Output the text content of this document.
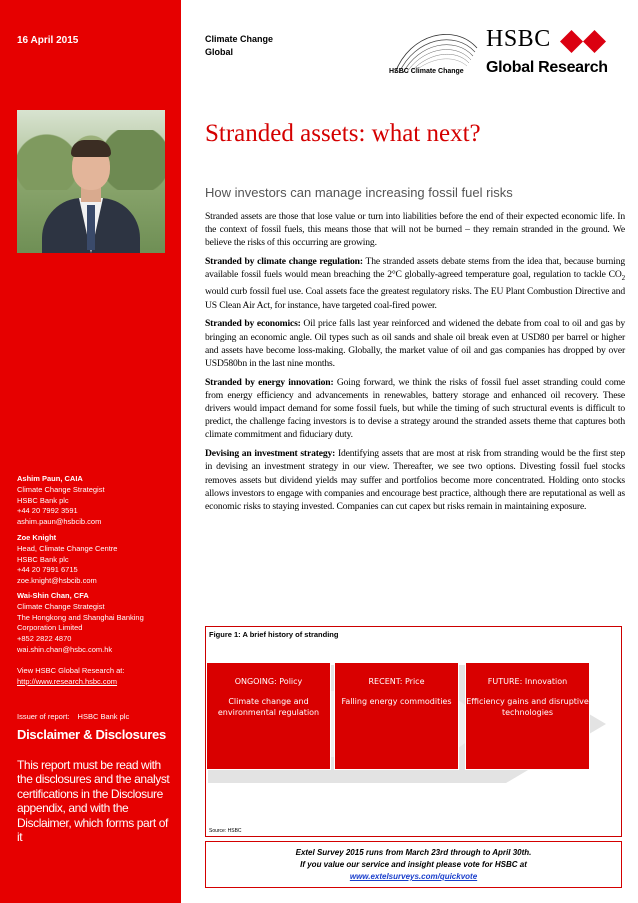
16 April 2015
Ashim Paun, CAIA
Climate Change Strategist
HSBC Bank plc
+44 20 7992 3591
ashim.paun@hsbcib.com
Zoe Knight
Head, Climate Change Centre
HSBC Bank plc
+44 20 7991 6715
zoe.knight@hsbcib.com
Wai-Shin Chan, CFA
Climate Change Strategist
The Hongkong and Shanghai Banking
Corporation Limited
+852 2822 4870
wai.shin.chan@hsbc.com.hk
View HSBC Global Research at:
http://www.research.hsbc.com
Issuer of report: HSBC Bank plc
Disclaimer & Disclosures
This report must be read with the disclosures and the analyst certifications in the Disclosure appendix, and with the Disclaimer, which forms part of it
Climate Change
Global
HSBC Climate Change
HSBC
Global Research
Stranded assets: what next?
How investors can manage increasing fossil fuel risks

Stranded assets are those that lose value or turn into liabilities before the end of their expected economic life. In the context of fossil fuels, this means those that will not be burned – they remain stranded in the ground. We believe the risks of this occurring are growing.

Stranded by climate change regulation: The stranded assets debate stems from the idea that, because burning available fossil fuels would mean breaching the 2°C globally-agreed temperature goal, regulation to tackle $CO_2$ would curb fossil fuel use. Coal assets face the greatest regulatory risks. The EU Plant Combustion Directive and US Clean Air Act, for instance, have targeted coal-fired power.

Stranded by economics: Oil price falls last year reinforced and widened the debate from coal to oil and gas by bringing an economic angle. Oil types such as oil sands and shale oil break even at USD80 per barrel or higher and assets have become loss-making. Globally, the market value of oil and gas companies has dropped by over USD580bn in the last nine months.

Stranded by energy innovation: Going forward, we think the risks of fossil fuel asset stranding could come from energy efficiency and advancements in renewables, battery storage and enhanced oil recovery. These drivers would impact demand for some fossil fuels, but while the timing of such structural events is difficult to predict, the challenge facing investors is to devise a strategy around the stranded assets theme that captures both climate commitment and fiduciary duty.

Devising an investment strategy: Identifying assets that are most at risk from stranding would be the first step in devising an investment strategy in our view. Thereafter, we see two options. Divesting fossil fuel stocks removes assets but dividend yields may suffer and portfolios become more concentrated. Holding onto stocks allows investors to engage with companies and encourage best practice, although there are reputational as well as economic risks to staying invested. Companies can cut capex but risks remain in maintaining exposure.

Figure 1: A brief history of stranding
Source: HSBC
ONGOING: Policy
Climate change and environmental regulation
RECENT: Price
Falling energy commodities
FUTURE: Innovation
Efficiency gains and disruptive technologies
Extel Survey 2015 runs from March 23rd through to April 30th.
If you value our service and insight please vote for HSBC at
www.extelsurveys.com/quickvote
